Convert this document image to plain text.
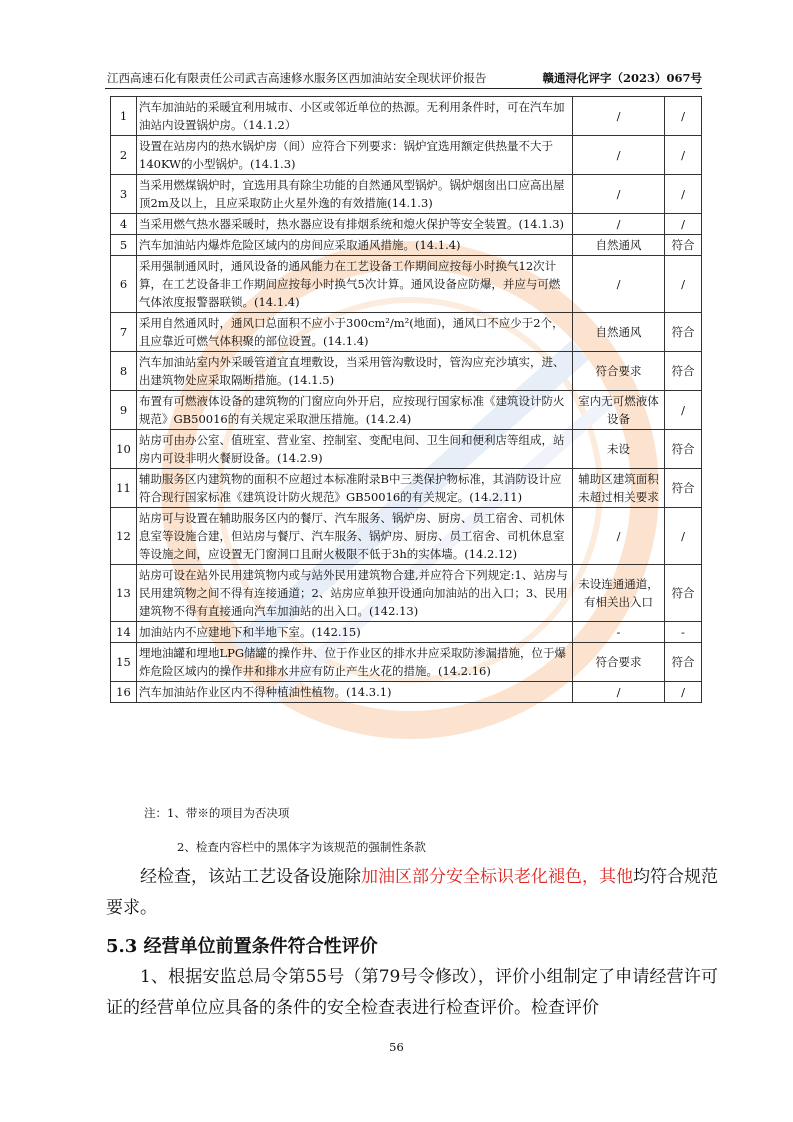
江西高速石化有限责任公司武吉高速修水服务区西加油站安全现状评价报告	赣通浔化评字（2023）067号
1	汽车加油站的采暖宜利用城市、小区或邻近单位的热源。无利用条件时，可在汽车加油站内设置锅炉房。（14.1.2）	/	/
2	设置在站房内的热水锅炉房（间）应符合下列要求：锅炉宜选用额定供热量不大于140KW的小型锅炉。(14.1.3)	/	/
3	当采用燃煤锅炉时，宜选用具有除尘功能的自然通风型锅炉。锅炉烟囱出口应高出屋顶2m及以上，且应采取防止火星外逸的有效措施(14.1.3)	/	/
4	当采用燃气热水器采暖时，热水器应设有排烟系统和熄火保护等安全装置。(14.1.3)	/	/
5	汽车加油站内爆炸危险区域内的房间应采取通风措施。(14.1.4)	自然通风	符合
6	采用强制通风时，通风设备的通风能力在工艺设备工作期间应按每小时换气12次计算，在工艺设备非工作期间应按每小时换气5次计算。通风设备应防爆，并应与可燃气体浓度报警器联锁。(14.1.4)	/	/
7	采用自然通风时，通风口总面积不应小于300cm²/m²(地面)，通风口不应少于2个，且应靠近可燃气体积聚的部位设置。(14.1.4)	自然通风	符合
8	汽车加油站室内外采暖管道宜直埋敷设，当采用管沟敷设时，管沟应充沙填实，进、出建筑物处应采取隔断措施。(14.1.5)	符合要求	符合
9	布置有可燃液体设备的建筑物的门窗应向外开启，应按现行国家标准《建筑设计防火规范》GB50016的有关规定采取泄压措施。(14.2.4)	室内无可燃液体设备	/
10	站房可由办公室、值班室、营业室、控制室、变配电间、卫生间和便利店等组成，站房内可设非明火餐厨设备。(14.2.9)	未设	符合
11	辅助服务区内建筑物的面积不应超过本标准附录B中三类保护物标准，其消防设计应符合现行国家标准《建筑设计防火规范》GB50016的有关规定。(14.2.11)	辅助区建筑面积未超过相关要求	符合
12	站房可与设置在辅助服务区内的餐厅、汽车服务、锅炉房、厨房、员工宿舍、司机休息室等设施合建，但站房与餐厅、汽车服务、锅炉房、厨房、员工宿舍、司机休息室等设施之间，应设置无门窗洞口且耐火极限不低于3h的实体墙。(14.2.12)	/	/
13	站房可设在站外民用建筑物内或与站外民用建筑物合建,并应符合下列规定:1、站房与民用建筑物之间不得有连接通道；2、站房应单独开设通向加油站的出入口；3、民用建筑物不得有直接通向汽车加油站的出入口。(142.13)	未设连通通道，有相关出入口	符合
14	加油站内不应建地下和半地下室。(142.15)	-	-
15	埋地油罐和埋地LPG储罐的操作井、位于作业区的排水井应采取防渗漏措施，位于爆炸危险区域内的操作井和排水井应有防止产生火花的措施。(14.2.16)	符合要求	符合
16	汽车加油站作业区内不得种植油性植物。(14.3.1)	/	/
注：1、带※的项目为否决项
2、检查内容栏中的黑体字为该规范的强制性条款
经检查，该站工艺设备设施除加油区部分安全标识老化褪色，其他均符合规范要求。
5.3 经营单位前置条件符合性评价
1、根据安监总局令第55号（第79号令修改），评价小组制定了申请经营许可证的经营单位应具备的条件的安全检查表进行检查评价。检查评价
56
